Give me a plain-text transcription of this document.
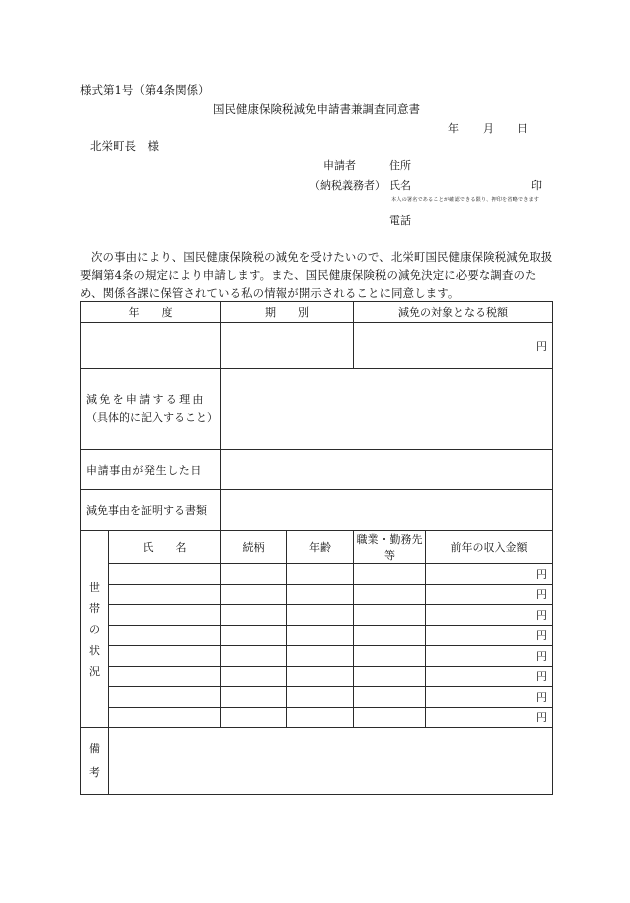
様式第1号（第4条関係）
国民健康保険税減免申請書兼調査同意書
年 月 日
北栄町長　様
申請者	住所
（納税義務者） 氏名	印
本人の署名であることが確認できる限り、押印を省略できます
電話
次の事由により、国民健康保険税の減免を受けたいので、北栄町国民健康保険税減免取扱要綱第4条の規定により申請します。また、国民健康保険税の減免決定に必要な調査のため、関係各課に保管されている私の情報が開示されることに同意します。
年　　度		期　　別		減免の対象となる税額	
				円	

減免を申請する理由
（具体的に記入すること）					

申請事由が発生した日					
減免事由を証明する書類					

世
帯
の
状
況	氏　　名	続柄	年齢	職業・勤務先等	前年の収入金額
					円
					円
					円
					円
					円
					円
					円
					円

備
考					
